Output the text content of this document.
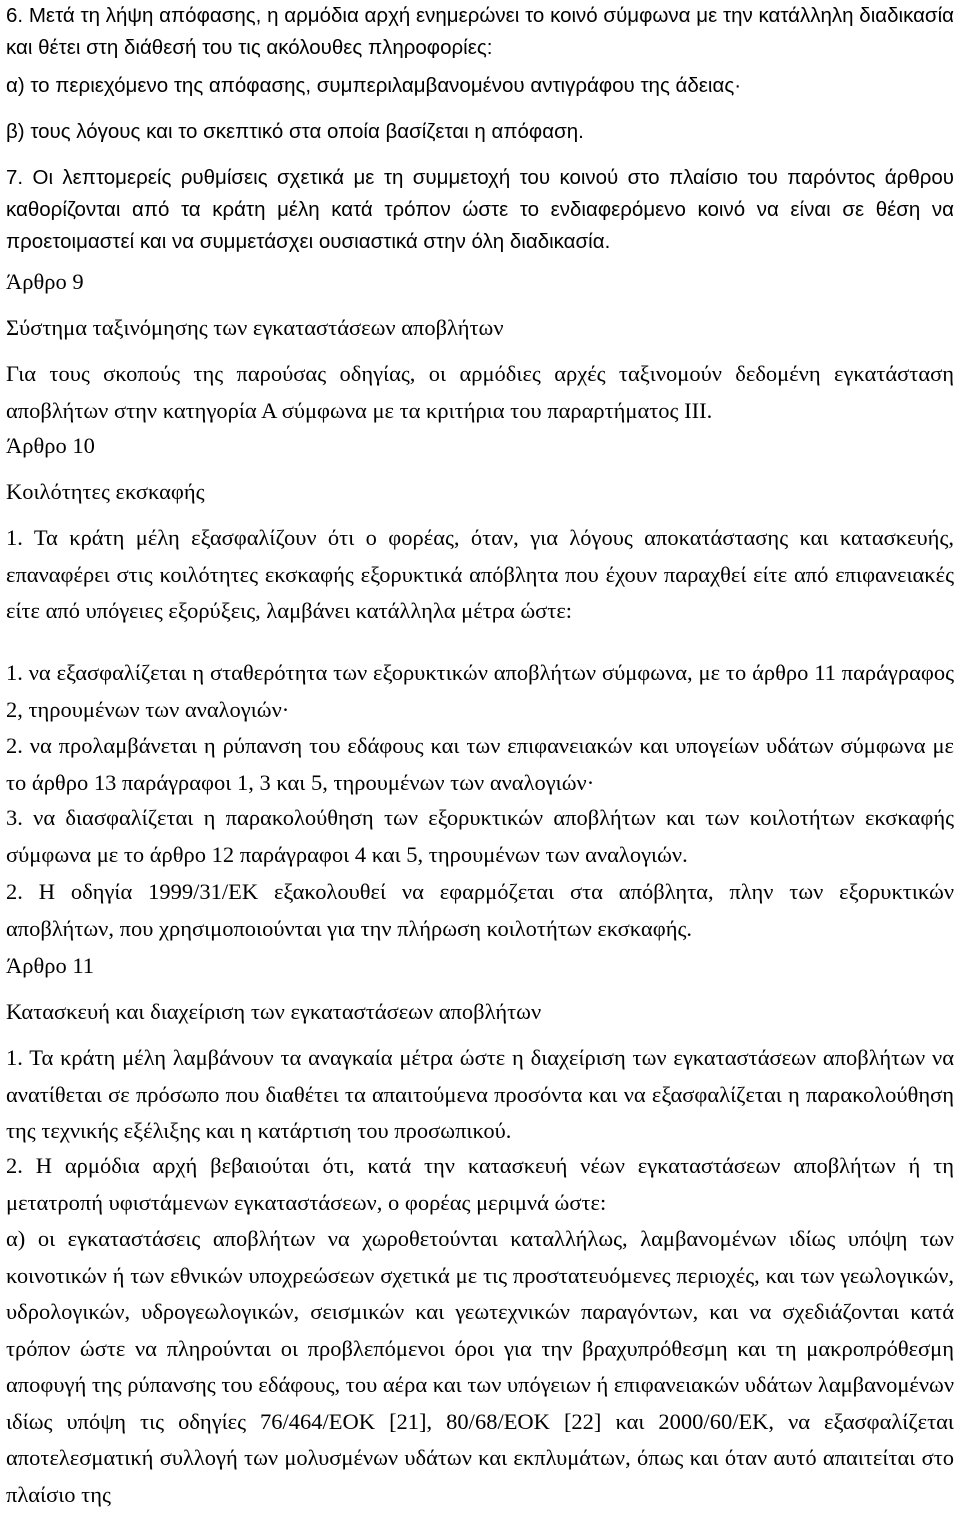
6. Μετά τη λήψη απόφασης, η αρμόδια αρχή ενημερώνει το κοινό σύμφωνα με την κατάλληλη διαδικασία και θέτει στη διάθεσή του τις ακόλουθες πληροφορίες:

α) το περιεχόμενο της απόφασης, συμπεριλαμβανομένου αντιγράφου της άδειας·

β) τους λόγους και το σκεπτικό στα οποία βασίζεται η απόφαση.

7. Οι λεπτομερείς ρυθμίσεις σχετικά με τη συμμετοχή του κοινού στο πλαίσιο του παρόντος άρθρου καθορίζονται από τα κράτη μέλη κατά τρόπον ώστε το ενδιαφερόμενο κοινό να είναι σε θέση να προετοιμαστεί και να συμμετάσχει ουσιαστικά στην όλη διαδικασία.

Άρθρο 9

Σύστημα ταξινόμησης των εγκαταστάσεων αποβλήτων

Για τους σκοπούς της παρούσας οδηγίας, οι αρμόδιες αρχές ταξινομούν δεδομένη εγκατάσταση αποβλήτων στην κατηγορία Α σύμφωνα με τα κριτήρια του παραρτήματος III.

Άρθρο 10

Κοιλότητες εκσκαφής

1. Τα κράτη μέλη εξασφαλίζουν ότι ο φορέας, όταν, για λόγους αποκατάστασης και κατασκευής, επαναφέρει στις κοιλότητες εκσκαφής εξορυκτικά απόβλητα που έχουν παραχθεί είτε από επιφανειακές είτε από υπόγειες εξορύξεις, λαμβάνει κατάλληλα μέτρα ώστε:

1. να εξασφαλίζεται η σταθερότητα των εξορυκτικών αποβλήτων σύμφωνα, με το άρθρο 11 παράγραφος 2, τηρουμένων των αναλογιών·

2. να προλαμβάνεται η ρύπανση του εδάφους και των επιφανειακών και υπογείων υδάτων σύμφωνα με το άρθρο 13 παράγραφοι 1, 3 και 5, τηρουμένων των αναλογιών·

3. να διασφαλίζεται η παρακολούθηση των εξορυκτικών αποβλήτων και των κοιλοτήτων εκσκαφής σύμφωνα με το άρθρο 12 παράγραφοι 4 και 5, τηρουμένων των αναλογιών.

2. Η οδηγία 1999/31/ΕΚ εξακολουθεί να εφαρμόζεται στα απόβλητα, πλην των εξορυκτικών αποβλήτων, που χρησιμοποιούνται για την πλήρωση κοιλοτήτων εκσκαφής.

Άρθρο 11

Κατασκευή και διαχείριση των εγκαταστάσεων αποβλήτων

1. Τα κράτη μέλη λαμβάνουν τα αναγκαία μέτρα ώστε η διαχείριση των εγκαταστάσεων αποβλήτων να ανατίθεται σε πρόσωπο που διαθέτει τα απαιτούμενα προσόντα και να εξασφαλίζεται η παρακολούθηση της τεχνικής εξέλιξης και η κατάρτιση του προσωπικού.

2. Η αρμόδια αρχή βεβαιούται ότι, κατά την κατασκευή νέων εγκαταστάσεων αποβλήτων ή τη μετατροπή υφιστάμενων εγκαταστάσεων, ο φορέας μεριμνά ώστε:

α) οι εγκαταστάσεις αποβλήτων να χωροθετούνται καταλλήλως, λαμβανομένων ιδίως υπόψη των κοινοτικών ή των εθνικών υποχρεώσεων σχετικά με τις προστατευόμενες περιοχές, και των γεωλογικών, υδρολογικών, υδρογεωλογικών, σεισμικών και γεωτεχνικών παραγόντων, και να σχεδιάζονται κατά τρόπον ώστε να πληρούνται οι προβλεπόμενοι όροι για την βραχυπρόθεσμη και τη μακροπρόθεσμη αποφυγή της ρύπανσης του εδάφους, του αέρα και των υπόγειων ή επιφανειακών υδάτων λαμβανομένων ιδίως υπόψη τις οδηγίες 76/464/ΕΟΚ [21], 80/68/ΕΟΚ [22] και 2000/60/ΕΚ, να εξασφαλίζεται αποτελεσματική συλλογή των μολυσμένων υδάτων και εκπλυμάτων, όπως και όταν αυτό απαιτείται στο πλαίσιο της
